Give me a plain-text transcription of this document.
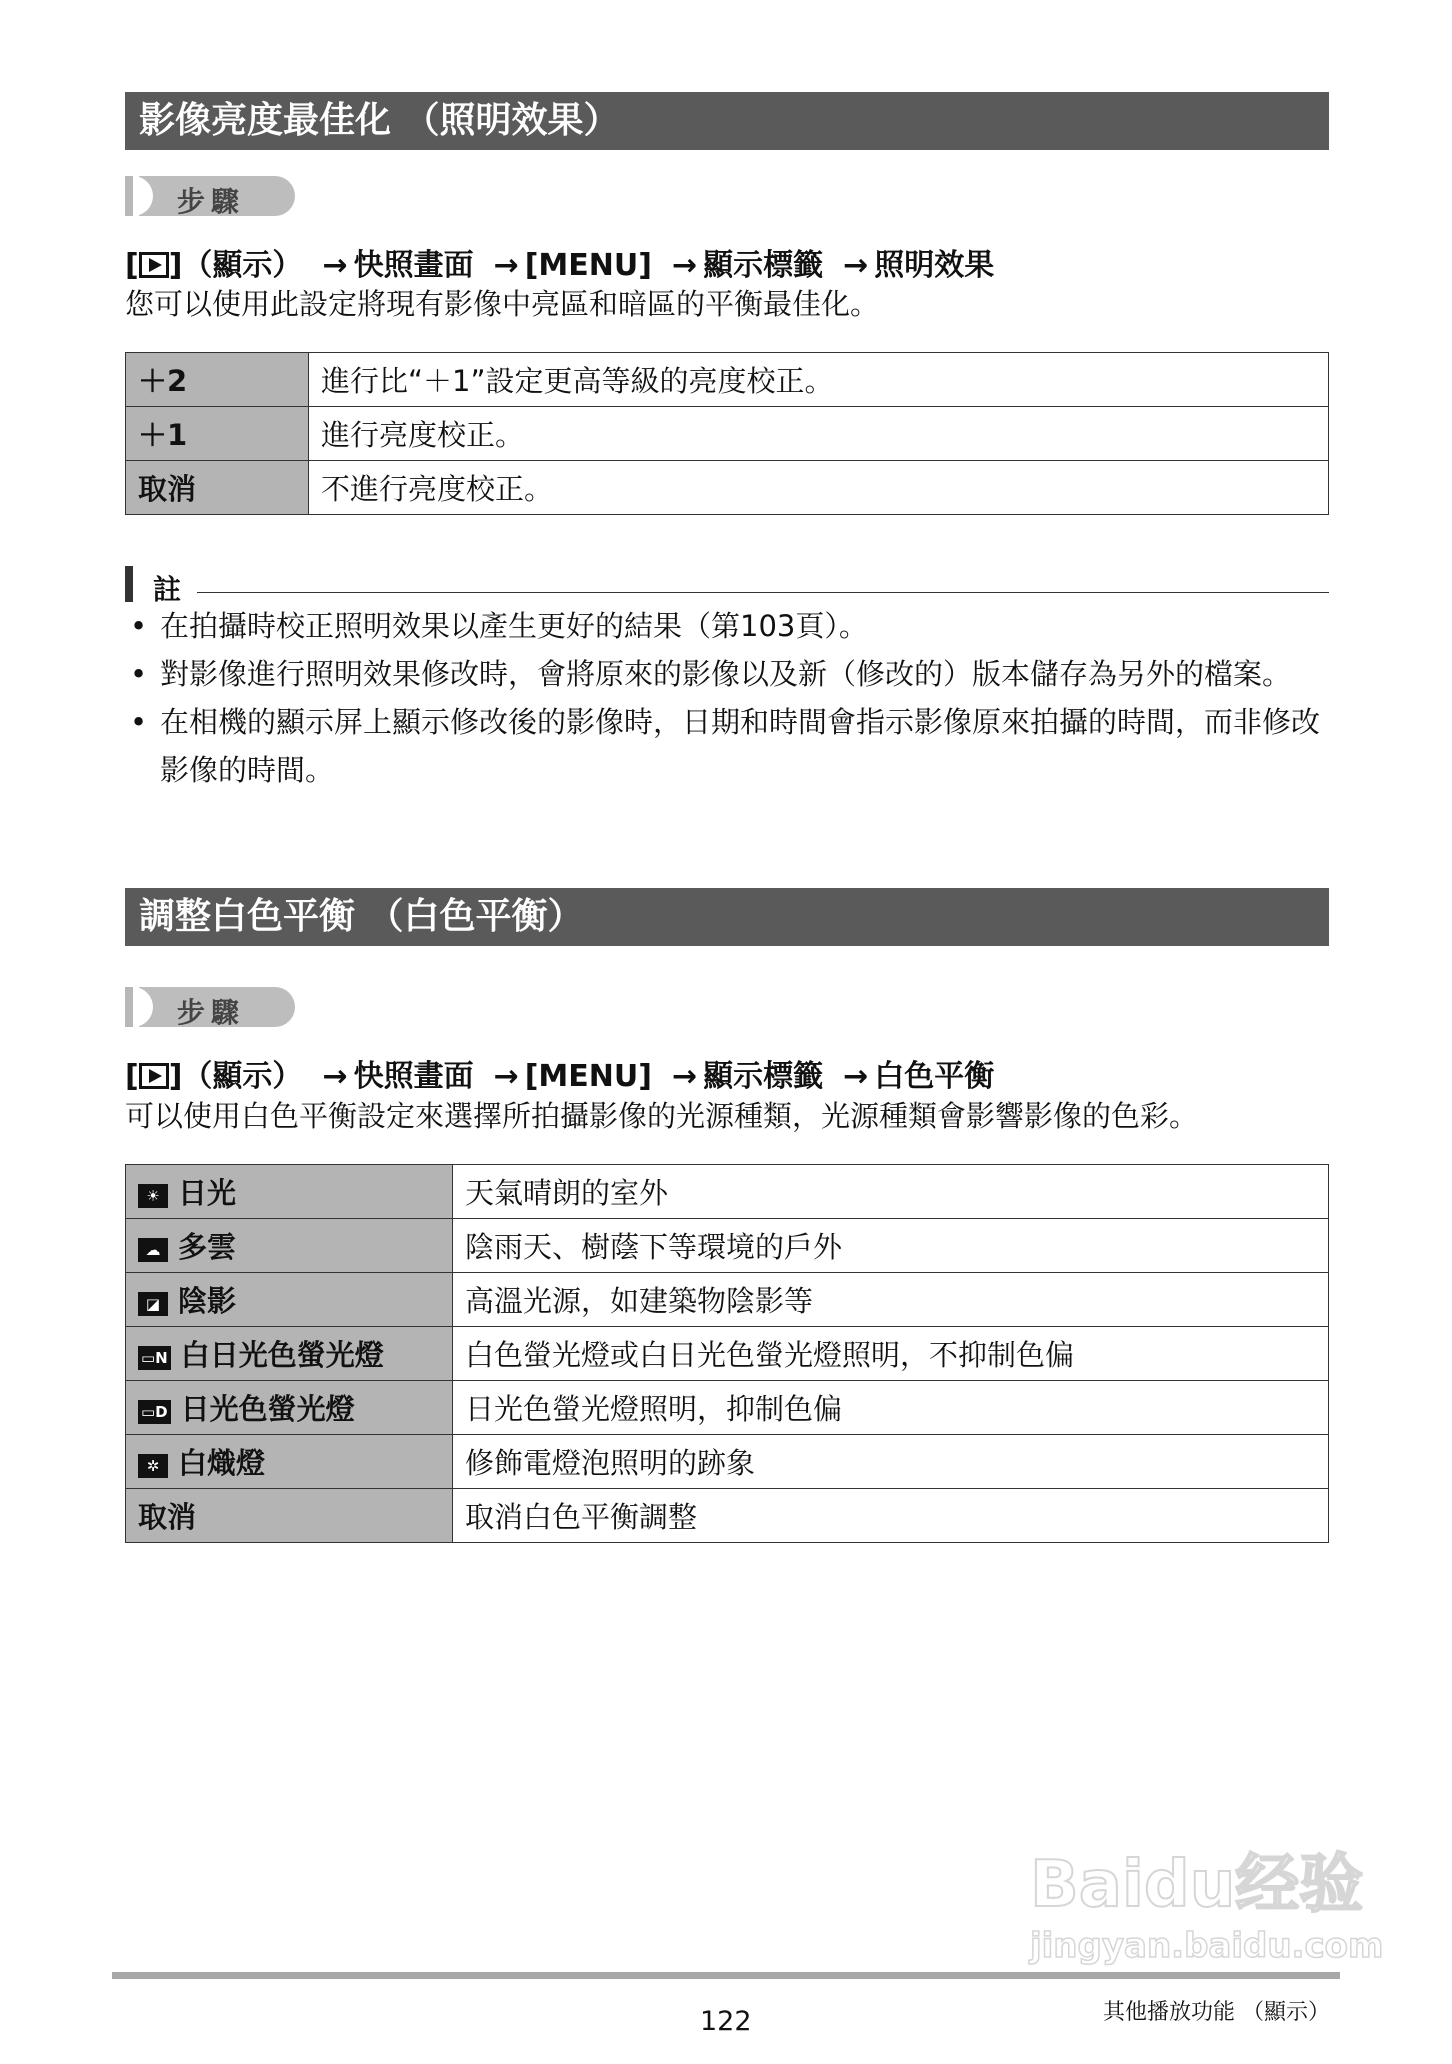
影像亮度最佳化 （照明效果）
步驟
[ ]（顯示） → 快照畫面 → [MENU] → 顯示標籤 → 照明效果
您可以使用此設定將現有影像中亮區和暗區的平衡最佳化。
＋2	進行比“＋1”設定更高等級的亮度校正。
＋1	進行亮度校正。
取消	不進行亮度校正。
註
• 在拍攝時校正照明效果以產生更好的結果（第103頁）。
• 對影像進行照明效果修改時，會將原來的影像以及新（修改的）版本儲存為另外的檔案。
• 在相機的顯示屏上顯示修改後的影像時，日期和時間會指示影像原來拍攝的時間，而非修改影像的時間。
調整白色平衡 （白色平衡）
步驟
[ ]（顯示） → 快照畫面 → [MENU] → 顯示標籤 → 白色平衡
可以使用白色平衡設定來選擇所拍攝影像的光源種類，光源種類會影響影像的色彩。
☀ 日光	天氣晴朗的室外
☁ 多雲	陰雨天、樹蔭下等環境的戶外
◪ 陰影	高溫光源，如建築物陰影等
▭N 白日光色螢光燈	白色螢光燈或白日光色螢光燈照明，不抑制色偏
▭D 日光色螢光燈	日光色螢光燈照明，抑制色偏
✲ 白熾燈	修飾電燈泡照明的跡象
取消	取消白色平衡調整
Baidu经验
jingyan.baidu.com
122	其他播放功能 （顯示）
